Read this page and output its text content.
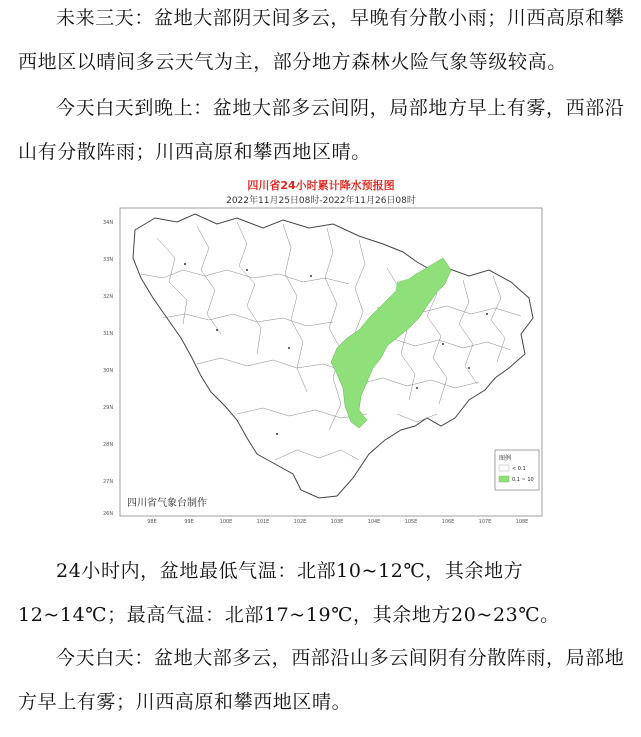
未来三天：盆地大部阴天间多云，早晚有分散小雨；川西高原和攀西地区以晴间多云天气为主，部分地方森林火险气象等级较高。

今天白天到晚上：盆地大部多云间阴，局部地方早上有雾，西部沿山有分散阵雨；川西高原和攀西地区晴。

四川省24小时累计降水预报图
2022年11月25日08时-2022年11月26日08时
34N
33N
32N
31N
30N
29N
28N
27N
26N
98E	99E	100E	101E	102E	103E	104E	105E	106E	107E	108E
图例
< 0.1
0.1 ~ 10
四川省气象台制作

24小时内，盆地最低气温：北部10~12℃，其余地方12~14℃；最高气温：北部17~19℃，其余地方20~23℃。

今天白天：盆地大部多云，西部沿山多云间阴有分散阵雨，局部地方早上有雾；川西高原和攀西地区晴。
